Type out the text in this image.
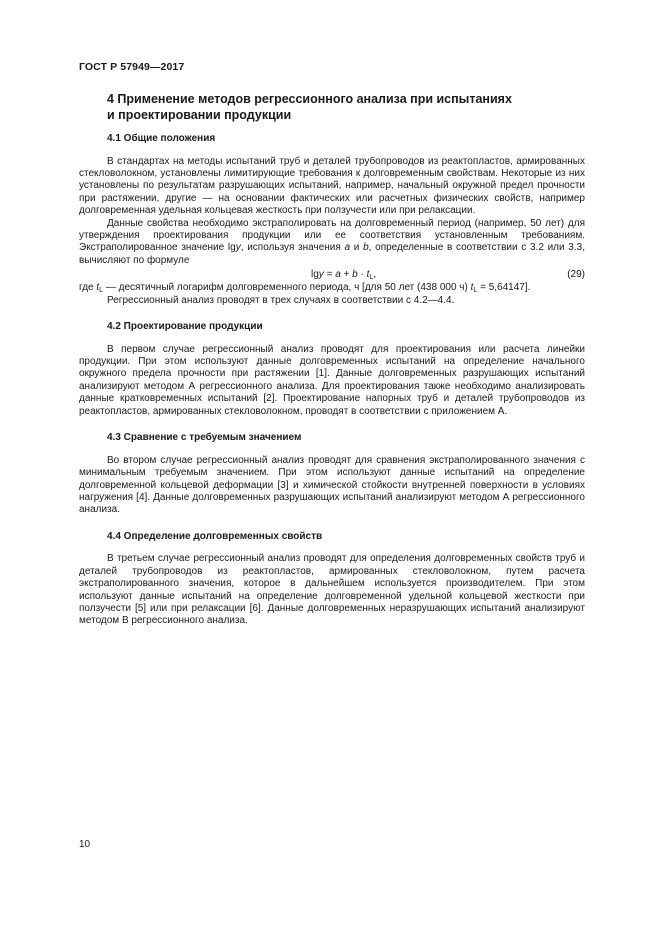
ГОСТ Р 57949—2017
4 Применение методов регрессионного анализа при испытаниях
и проектировании продукции
4.1 Общие положения

В стандартах на методы испытаний труб и деталей трубопроводов из реактопластов, армированных стекловолокном, установлены лимитирующие требования к долговременным свойствам. Некоторые из них установлены по результатам разрушающих испытаний, например, начальный окружной предел прочности при растяжении, другие — на основании фактических или расчетных физических свойств, например долговременная удельная кольцевая жесткость при ползучести или при релаксации.

Данные свойства необходимо экстраполировать на долговременный период (например, 50 лет) для утверждения проектирования продукции или ее соответствия установленным требованиям. Экстраполированное значение lgy, используя значения a и b, определенные в соответствии с 3.2 или 3.3, вычисляют по формуле

$\lg y = a + b \cdot t_L$,	(29)

где $t_L$ — десятичный логарифм долговременного периода, ч [для 50 лет (438 000 ч) $t_L = 5,64147$].

Регрессионный анализ проводят в трех случаях в соответствии с 4.2—4.4.

4.2 Проектирование продукции

В первом случае регрессионный анализ проводят для проектирования или расчета линейки продукции. При этом используют данные долговременных испытаний на определение начального окружного предела прочности при растяжении [1]. Данные долговременных разрушающих испытаний анализируют методом А регрессионного анализа. Для проектирования также необходимо анализировать данные кратковременных испытаний [2]. Проектирование напорных труб и деталей трубопроводов из реактопластов, армированных стекловолокном, проводят в соответствии с приложением А.

4.3 Сравнение с требуемым значением

Во втором случае регрессионный анализ проводят для сравнения экстраполированного значения с минимальным требуемым значением. При этом используют данные испытаний на определение долговременной кольцевой деформации [3] и химической стойкости внутренней поверхности в условиях нагружения [4]. Данные долговременных разрушающих испытаний анализируют методом А регрессионного анализа.

4.4 Определение долговременных свойств

В третьем случае регрессионный анализ проводят для определения долговременных свойств труб и деталей трубопроводов из реактопластов, армированных стекловолокном, путем расчета экстраполированного значения, которое в дальнейшем используется производителем. При этом используют данные испытаний на определение долговременной удельной кольцевой жесткости при ползучести [5] или при релаксации [6]. Данные долговременных неразрушающих испытаний анализируют методом В регрессионного анализа.

10
